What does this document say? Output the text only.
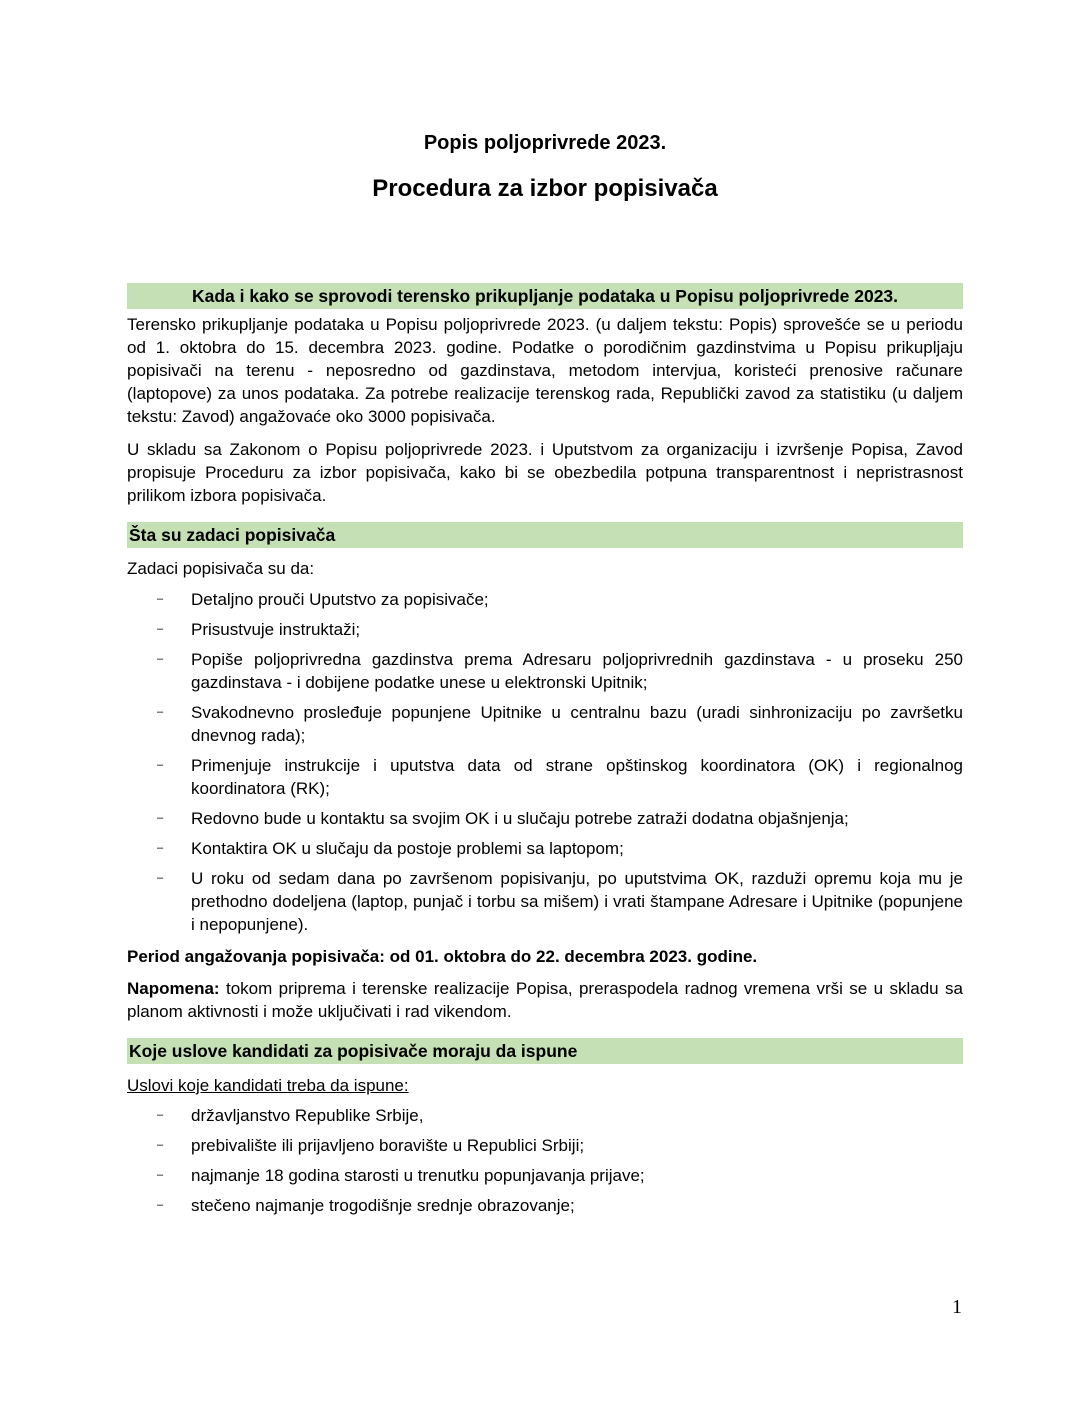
Popis poljoprivrede 2023.
Procedura za izbor popisivača
Kada i kako se sprovodi terensko prikupljanje podataka u Popisu poljoprivrede 2023.

Terensko prikupljanje podataka u Popisu poljoprivrede 2023. (u daljem tekstu: Popis) sprovešće se u periodu od 1. oktobra do 15. decembra 2023. godine. Podatke o porodičnim gazdinstvima u Popisu prikupljaju popisivači na terenu - neposredno od gazdinstava, metodom intervjua, koristeći prenosive računare (laptopove) za unos podataka. Za potrebe realizacije terenskog rada, Republički zavod za statistiku (u daljem tekstu: Zavod) angažovaće oko 3000 popisivača.

U skladu sa Zakonom o Popisu poljoprivrede 2023. i Uputstvom za organizaciju i izvršenje Popisa, Zavod propisuje Proceduru za izbor popisivača, kako bi se obezbedila potpuna transparentnost i nepristrasnost prilikom izbora popisivača.

Šta su zadaci popisivača

Zadaci popisivača su da:

– Detaljno prouči Uputstvo za popisivače;
– Prisustvuje instruktaži;
– Popiše poljoprivredna gazdinstva prema Adresaru poljoprivrednih gazdinstava - u proseku 250 gazdinstava - i dobijene podatke unese u elektronski Upitnik;
– Svakodnevno prosleđuje popunjene Upitnike u centralnu bazu (uradi sinhronizaciju po završetku dnevnog rada);
– Primenjuje instrukcije i uputstva data od strane opštinskog koordinatora (OK) i regionalnog koordinatora (RK);
– Redovno bude u kontaktu sa svojim OK i u slučaju potrebe zatraži dodatna objašnjenja;
– Kontaktira OK u slučaju da postoje problemi sa laptopom;
– U roku od sedam dana po završenom popisivanju, po uputstvima OK, razduži opremu koja mu je prethodno dodeljena (laptop, punjač i torbu sa mišem) i vrati štampane Adresare i Upitnike (popunjene i nepopunjene).

Period angažovanja popisivača: od 01. oktobra do 22. decembra 2023. godine.

Napomena: tokom priprema i terenske realizacije Popisa, preraspodela radnog vremena vrši se u skladu sa planom aktivnosti i može uključivati i rad vikendom.

Koje uslove kandidati za popisivače moraju da ispune

Uslovi koje kandidati treba da ispune:

– državljanstvo Republike Srbije,
– prebivalište ili prijavljeno boravište u Republici Srbiji;
– najmanje 18 godina starosti u trenutku popunjavanja prijave;
– stečeno najmanje trogodišnje srednje obrazovanje;
1
